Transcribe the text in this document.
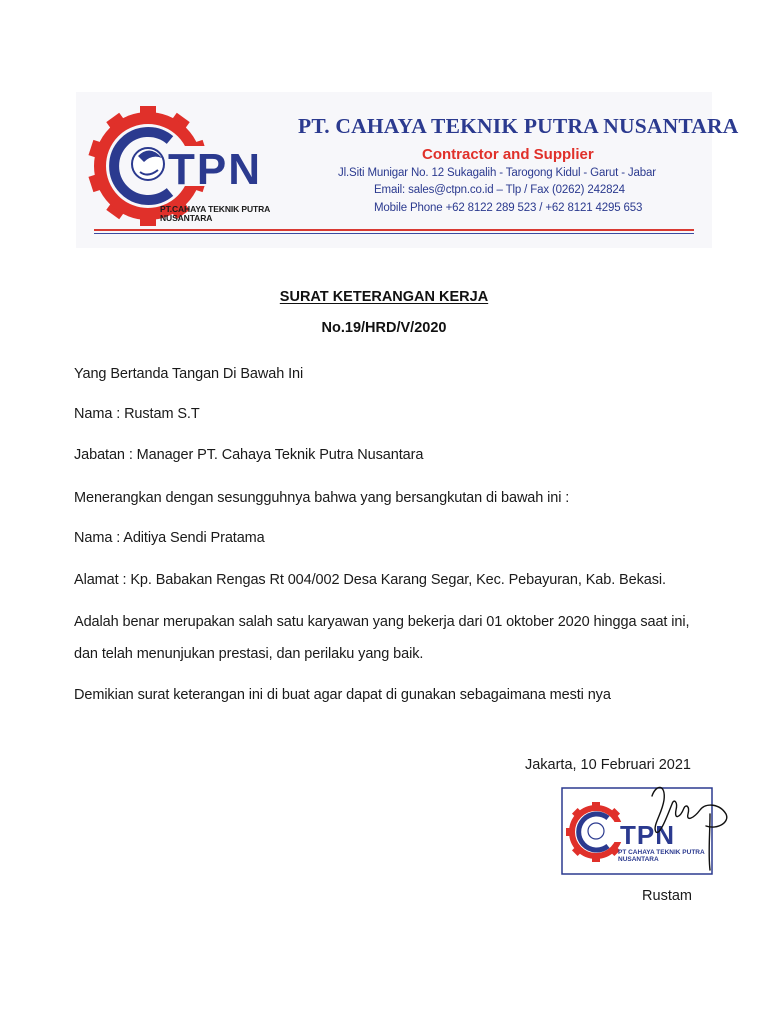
TPN
PT.CAHAYA TEKNIK PUTRA
NUSANTARA
PT. CAHAYA TEKNIK PUTRA NUSANTARA
Contractor and Supplier
Jl.Siti Munigar No. 12 Sukagalih - Tarogong Kidul - Garut - Jabar
Email: sales@ctpn.co.id – Tlp / Fax (0262) 242824
Mobile Phone +62 8122 289 523 / +62 8121 4295 653
SURAT KETERANGAN KERJA
No.19/HRD/V/2020
Yang Bertanda Tangan Di Bawah Ini
Nama : Rustam S.T
Jabatan : Manager PT. Cahaya Teknik Putra Nusantara
Menerangkan dengan sesungguhnya bahwa yang bersangkutan di bawah ini :
Nama : Aditiya Sendi Pratama
Alamat : Kp. Babakan Rengas Rt 004/002 Desa Karang Segar, Kec. Pebayuran, Kab. Bekasi.
Adalah benar merupakan salah satu karyawan yang bekerja dari 01 oktober 2020 hingga saat ini,
dan telah menunjukan prestasi, dan perilaku yang baik.
Demikian surat keterangan ini di buat agar dapat di gunakan sebagaimana mesti nya
Jakarta, 10 Februari 2021
TPN
PT CAHAYA TEKNIK PUTRA
NUSANTARA
Rustam
